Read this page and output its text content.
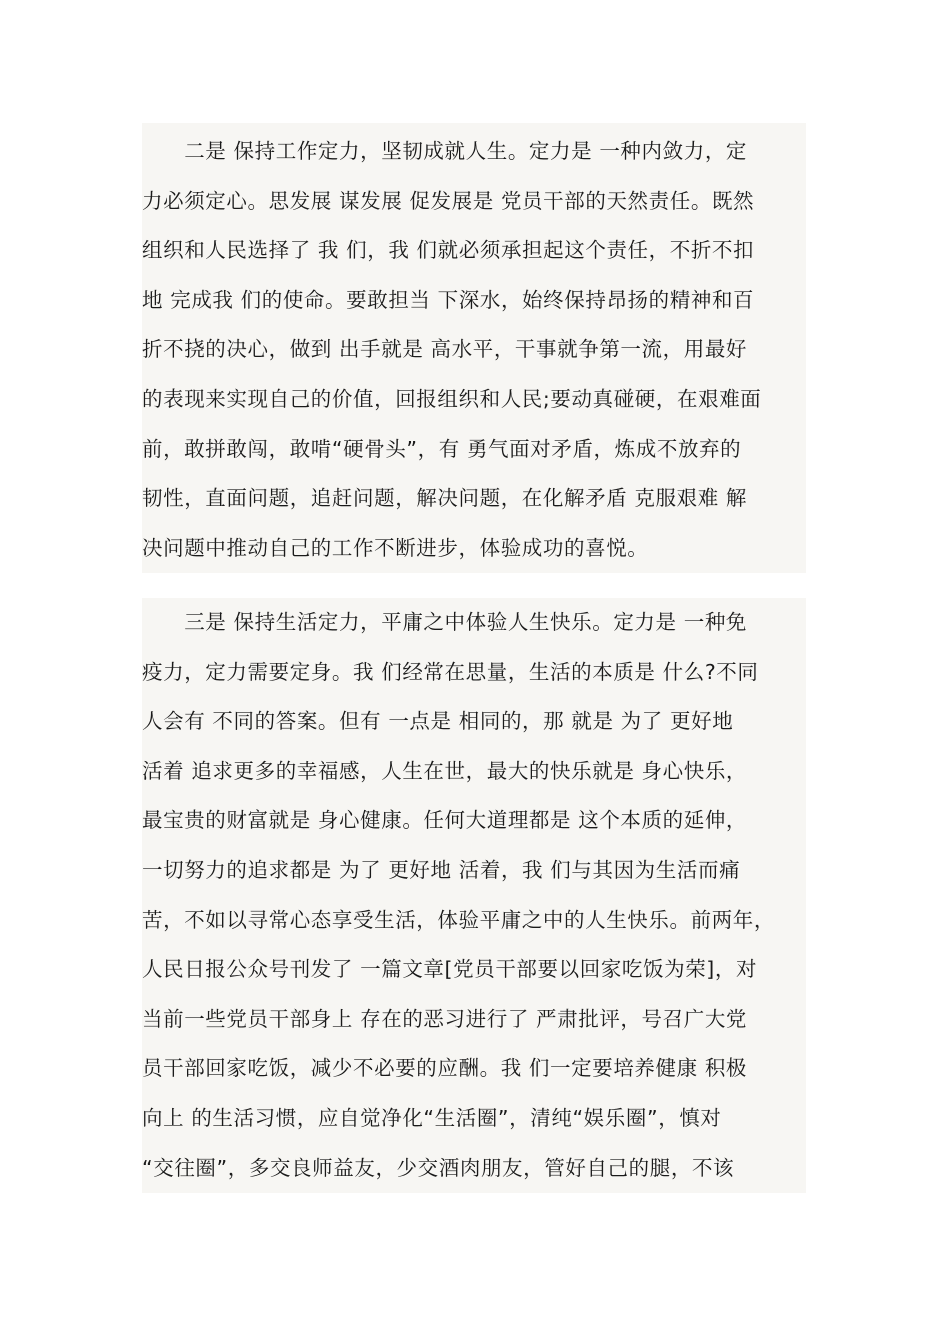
　　二是 保持工作定力，坚韧成就人生。定力是 一种内敛力，定
力必须定心。思发展 谋发展 促发展是 党员干部的天然责任。既然
组织和人民选择了 我 们，我 们就必须承担起这个责任，不折不扣
地 完成我 们的使命。要敢担当 下深水，始终保持昂扬的精神和百
折不挠的决心，做到 出手就是 高水平，干事就争第一流，用最好
的表现来实现自己的价值，回报组织和人民;要动真碰硬，在艰难面
前，敢拼敢闯，敢啃“硬骨头”，有 勇气面对矛盾，炼成不放弃的
韧性，直面问题，追赶问题，解决问题，在化解矛盾 克服艰难 解
决问题中推动自己的工作不断进步，体验成功的喜悦。
　　三是 保持生活定力，平庸之中体验人生快乐。定力是 一种免
疫力，定力需要定身。我 们经常在思量，生活的本质是 什么?不同
人会有 不同的答案。但有 一点是 相同的，那 就是 为了 更好地
活着 追求更多的幸福感，人生在世，最大的快乐就是 身心快乐，
最宝贵的财富就是 身心健康。任何大道理都是 这个本质的延伸，
一切努力的追求都是 为了 更好地 活着，我 们与其因为生活而痛
苦，不如以寻常心态享受生活，体验平庸之中的人生快乐。前两年，
人民日报公众号刊发了 一篇文章[党员干部要以回家吃饭为荣]，对
当前一些党员干部身上 存在的恶习进行了 严肃批评，号召广大党
员干部回家吃饭，减少不必要的应酬。我 们一定要培养健康 积极
向上 的生活习惯，应自觉净化“生活圈”，清纯“娱乐圈”，慎对
“交往圈”，多交良师益友，少交酒肉朋友，管好自己的腿，不该
